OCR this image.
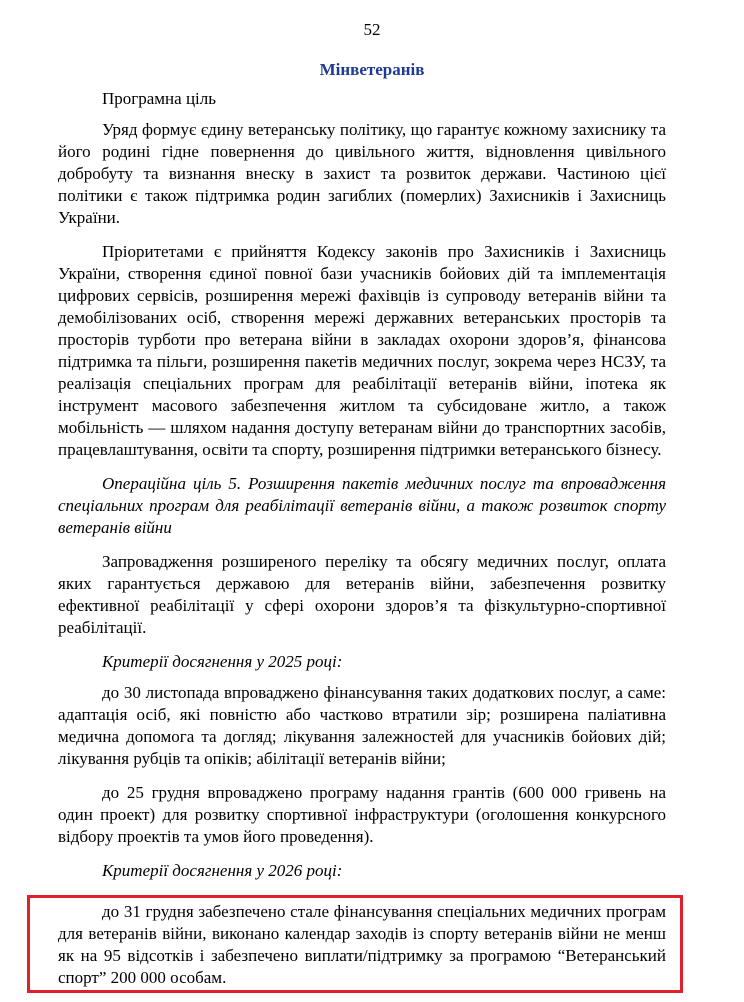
52
Мінветеранів

Програмна ціль

Уряд формує єдину ветеранську політику, що гарантує кожному захиснику та його родині гідне повернення до цивільного життя, відновлення цивільного добробуту та визнання внеску в захист та розвиток держави. Частиною цієї політики є також підтримка родин загиблих (померлих) Захисників і Захисниць України.

Пріоритетами є прийняття Кодексу законів про Захисників і Захисниць України, створення єдиної повної бази учасників бойових дій та імплементація цифрових сервісів, розширення мережі фахівців із супроводу ветеранів війни та демобілізованих осіб, створення мережі державних ветеранських просторів та просторів турботи про ветерана війни в закладах охорони здоров’я, фінансова підтримка та пільги, розширення пакетів медичних послуг, зокрема через НСЗУ, та реалізація спеціальних програм для реабілітації ветеранів війни, іпотека як інструмент масового забезпечення житлом та субсидоване житло, а також мобільність — шляхом надання доступу ветеранам війни до транспортних засобів, працевлаштування, освіти та спорту, розширення підтримки ветеранського бізнесу.

Операційна ціль 5. Розширення пакетів медичних послуг та впровадження спеціальних програм для реабілітації ветеранів війни, а також розвиток спорту ветеранів війни

Запровадження розширеного переліку та обсягу медичних послуг, оплата яких гарантується державою для ветеранів війни, забезпечення розвитку ефективної реабілітації у сфері охорони здоров’я та фізкультурно-спортивної реабілітації.

Критерії досягнення у 2025 році:

до 30 листопада впроваджено фінансування таких додаткових послуг, а саме: адаптація осіб, які повністю або частково втратили зір; розширена паліативна медична допомога та догляд; лікування залежностей для учасників бойових дій; лікування рубців та опіків; абілітації ветеранів війни;

до 25 грудня впроваджено програму надання грантів (600 000 гривень на один проект) для розвитку спортивної інфраструктури (оголошення конкурсного відбору проектів та умов його проведення).

Критерії досягнення у 2026 році:

до 31 грудня забезпечено стале фінансування спеціальних медичних програм для ветеранів війни, виконано календар заходів із спорту ветеранів війни не менш як на 95 відсотків і забезпечено виплати/підтримку за програмою “Ветеранський спорт” 200 000 особам.
